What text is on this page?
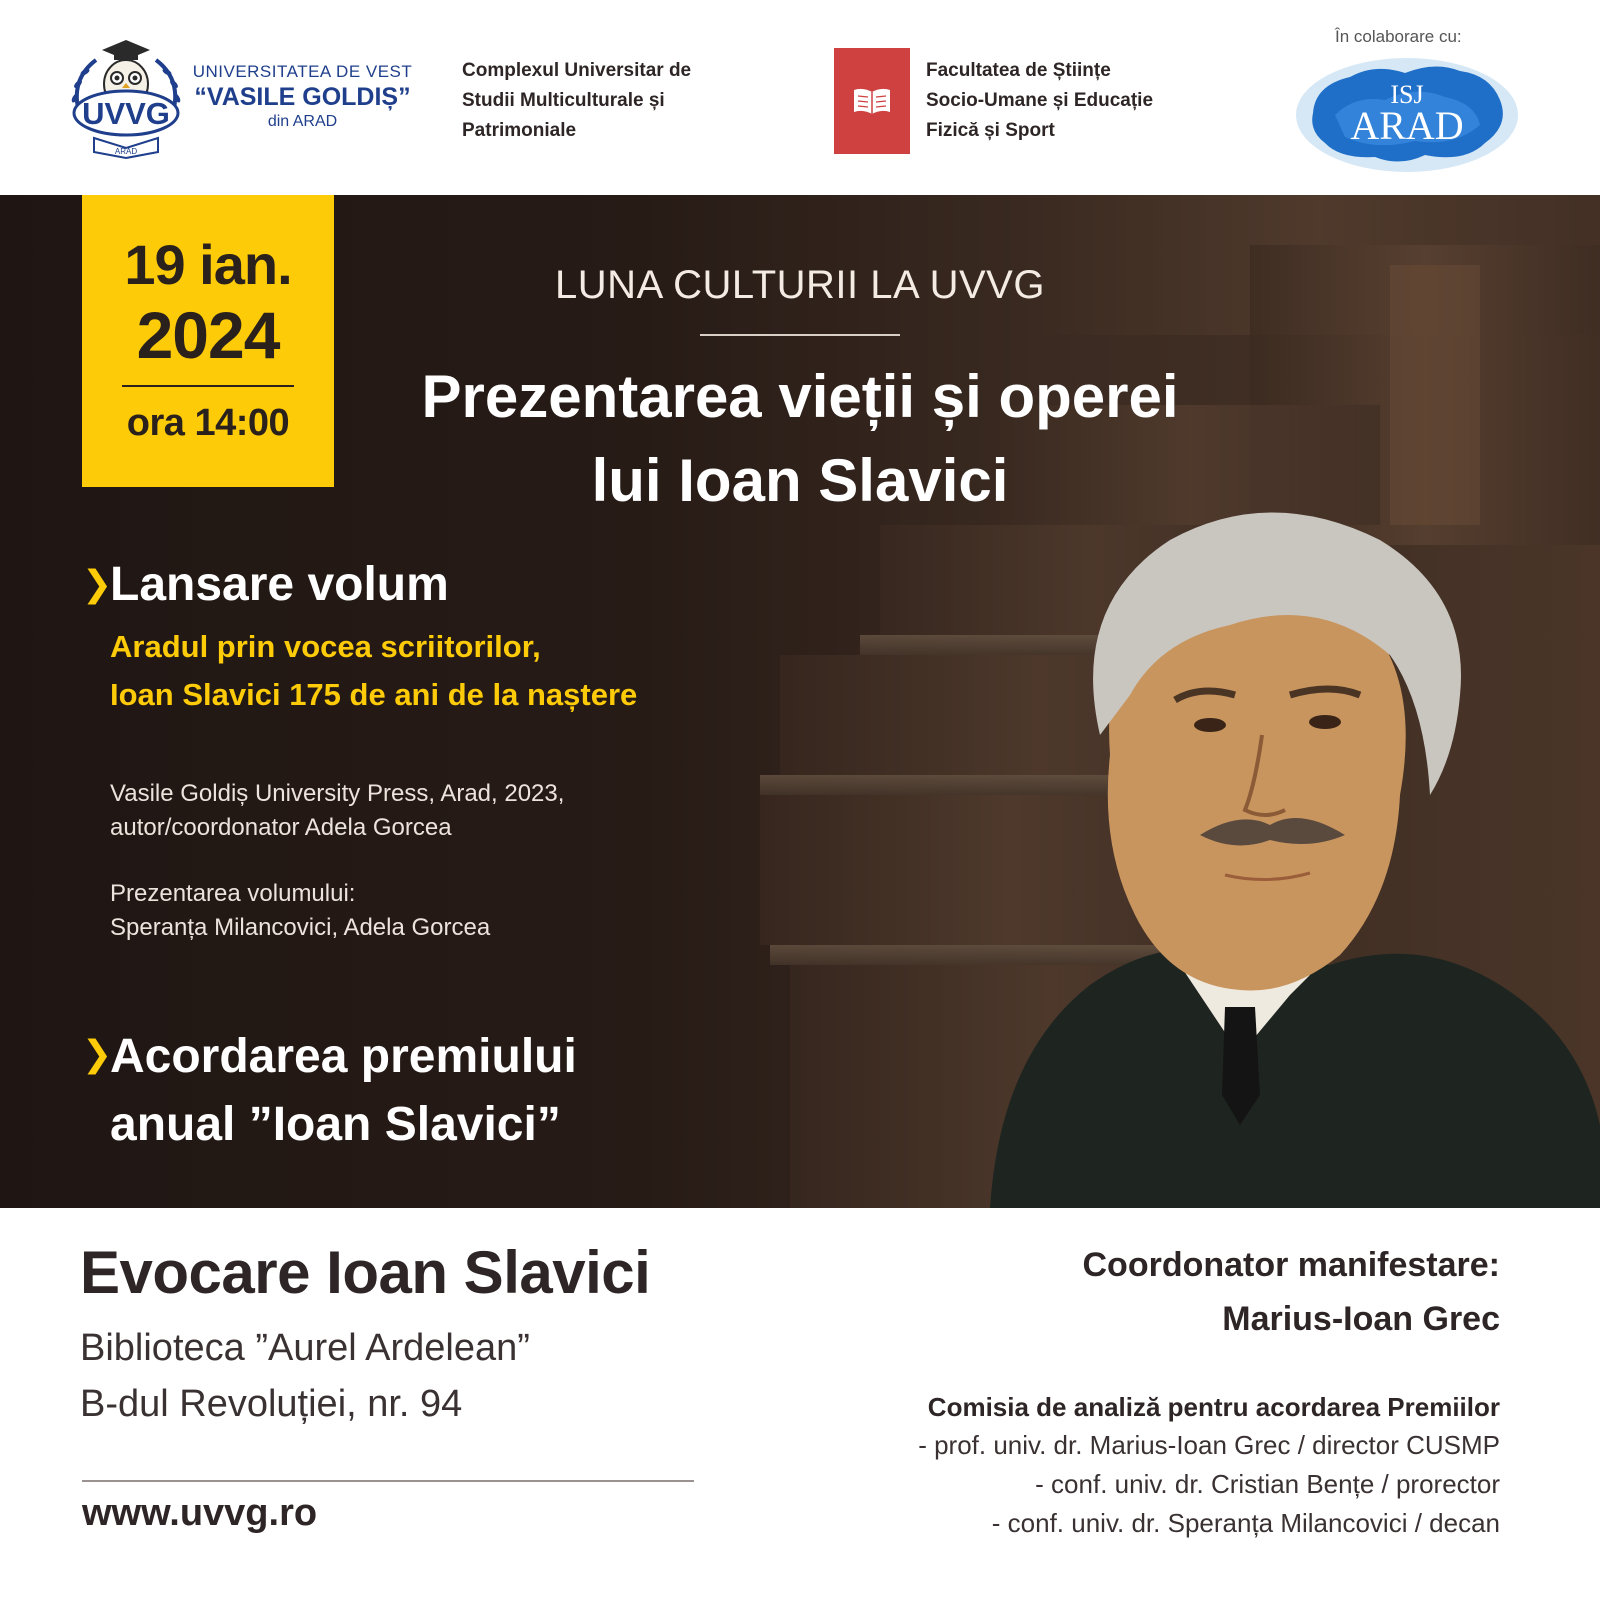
UVVG
ARAD
UNIVERSITATEA DE VEST
“VASILE GOLDIȘ”
din ARAD
Complexul Universitar de
Studii Multiculturale și
Patrimoniale
Facultatea de Științe
Socio-Umane și Educație
Fizică și Sport
În colaborare cu:
ISJ
ARAD
19 ian.
2024
ora 14:00
LUNA CULTURII LA UVVG
Prezentarea vieții și operei
lui Ioan Slavici
❯
Lansare volum
Aradul prin vocea scriitorilor,
Ioan Slavici 175 de ani de la naștere
Vasile Goldiș University Press, Arad, 2023,
autor/coordonator Adela Gorcea
Prezentarea volumului:
Speranța Milancovici, Adela Gorcea
❯
Acordarea premiului
anual ”Ioan Slavici”
Evocare Ioan Slavici
Biblioteca ”Aurel Ardelean”
B-dul Revoluției, nr. 94
www.uvvg.ro
Coordonator manifestare:
Marius-Ioan Grec
Comisia de analiză pentru acordarea Premiilor
- prof. univ. dr. Marius-Ioan Grec / director CUSMP
- conf. univ. dr. Cristian Bențe / prorector
- conf. univ. dr. Speranța Milancovici / decan
